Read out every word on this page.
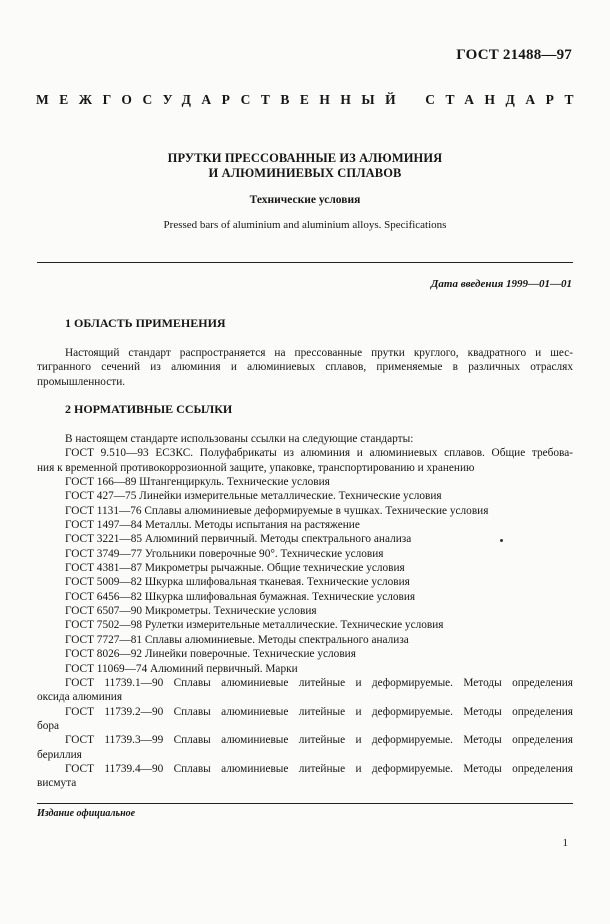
ГОСТ 21488—97
МЕЖГОСУДАРСТВЕННЫЙ СТАНДАРТ
ПРУТКИ ПРЕССОВАННЫЕ ИЗ АЛЮМИНИЯ
И АЛЮМИНИЕВЫХ СПЛАВОВ
Технические условия
Pressed bars of aluminium and aluminium alloys. Specifications
Дата введения 1999—01—01
1 ОБЛАСТЬ ПРИМЕНЕНИЯ
Настоящий стандарт распространяется на прессованные прутки круглого, квадратного и шес-
тигранного сечений из алюминия и алюминиевых сплавов, применяемые в различных отраслях
промышленности.
2 НОРМАТИВНЫЕ ССЫЛКИ
В настоящем стандарте использованы ссылки на следующие стандарты:
ГОСТ 9.510—93 ЕСЗКС. Полуфабрикаты из алюминия и алюминиевых сплавов. Общие требова-
ния к временной противокоррозионной защите, упаковке, транспортированию и хранению
ГОСТ 166—89 Штангенциркуль. Технические условия
ГОСТ 427—75 Линейки измерительные металлические. Технические условия
ГОСТ 1131—76 Сплавы алюминиевые деформируемые в чушках. Технические условия
ГОСТ 1497—84 Металлы. Методы испытания на растяжение
ГОСТ 3221—85 Алюминий первичный. Методы спектрального анализа
ГОСТ 3749—77 Угольники поверочные 90°. Технические условия
ГОСТ 4381—87 Микрометры рычажные. Общие технические условия
ГОСТ 5009—82 Шкурка шлифовальная тканевая. Технические условия
ГОСТ 6456—82 Шкурка шлифовальная бумажная. Технические условия
ГОСТ 6507—90 Микрометры. Технические условия
ГОСТ 7502—98 Рулетки измерительные металлические. Технические условия
ГОСТ 7727—81 Сплавы алюминиевые. Методы спектрального анализа
ГОСТ 8026—92 Линейки поверочные. Технические условия
ГОСТ 11069—74 Алюминий первичный. Марки
ГОСТ 11739.1—90 Сплавы алюминиевые литейные и деформируемые. Методы определения
оксида алюминия
ГОСТ 11739.2—90 Сплавы алюминиевые литейные и деформируемые. Методы определения
бора
ГОСТ 11739.3—99 Сплавы алюминиевые литейные и деформируемые. Методы определения
бериллия
ГОСТ 11739.4—90 Сплавы алюминиевые литейные и деформируемые. Методы определения
висмута
Издание официальное
1
